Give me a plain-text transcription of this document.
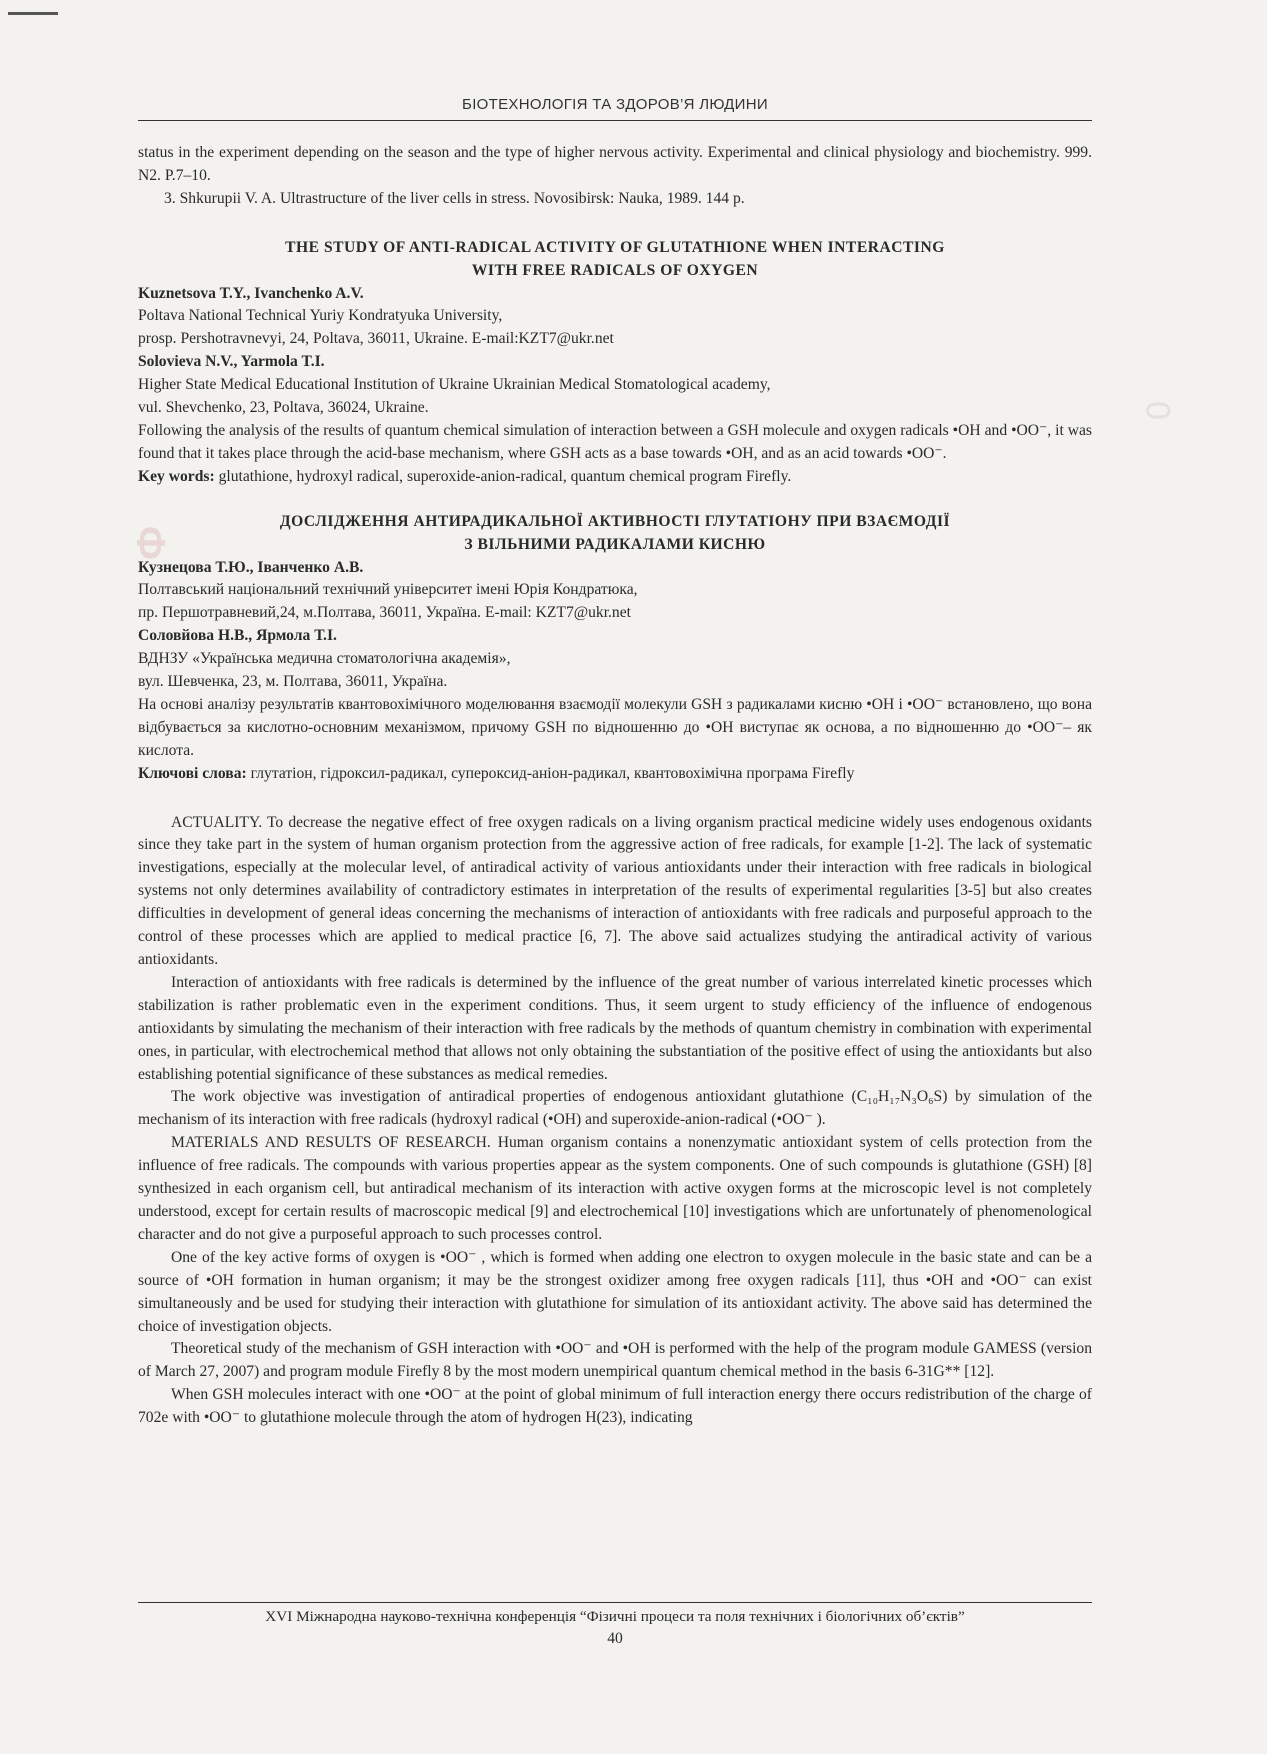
Ф
0
БІОТЕХНОЛОГІЯ ТА ЗДОРОВ’Я ЛЮДИНИ

status in the experiment depending on the season and the type of higher nervous activity. Experimental and clinical physiology and biochemistry. 999. N2. P.7–10.

3. Shkurupii V. A. Ultrastructure of the liver cells in stress. Novosibirsk: Nauka, 1989. 144 p.

THE STUDY OF ANTI-RADICAL ACTIVITY OF GLUTATHIONE WHEN INTERACTING

WITH FREE RADICALS OF OXYGEN

Kuznetsova T.Y., Ivanchenko A.V.

Poltava National Technical Yuriy Kondratyuka University,

prosp. Pershotravnevyi, 24, Poltava, 36011, Ukraine. E-mail:KZT7@ukr.net

Solovieva N.V., Yarmola T.I.

Higher State Medical Educational Institution of Ukraine Ukrainian Medical Stomatological academy,

vul. Shevchenko, 23, Poltava, 36024, Ukraine.

Following the analysis of the results of quantum chemical simulation of interaction between a GSH molecule and oxygen radicals •OH and •OO⁻, it was found that it takes place through the acid-base mechanism, where GSH acts as a base towards •OH, and as an acid towards •OO⁻.

Key words: glutathione, hydroxyl radical, superoxide-anion-radical, quantum chemical program Firefly.

ДОСЛІДЖЕННЯ АНТИРАДИКАЛЬНОЇ АКТИВНОСТІ ГЛУТАТІОНУ ПРИ ВЗАЄМОДІЇ

З ВІЛЬНИМИ РАДИКАЛАМИ КИСНЮ

Кузнецова Т.Ю., Іванченко А.В.

Полтавський національний технічний університет імені Юрія Кондратюка,

пр. Першотравневий,24, м.Полтава, 36011, Україна. E-mail: KZT7@ukr.net

Соловйова Н.В., Ярмола Т.І.

ВДНЗУ «Українська медична стоматологічна академія»,

вул. Шевченка, 23, м. Полтава, 36011, Україна.

На основі аналізу результатів квантовохімічного моделювання взаємодії молекули GSH з радикалами кисню •OH і •OO⁻ встановлено, що вона відбувається за кислотно-основним механізмом, причому GSH по відношенню до •OH виступає як основа, а по відношенню до •OO⁻– як кислота.

Ключові слова: глутатіон, гідроксил-радикал, супероксид-аніон-радикал, квантовохімічна програма Firefly

ACTUALITY. To decrease the negative effect of free oxygen radicals on a living organism practical medicine widely uses endogenous oxidants since they take part in the system of human organism protection from the aggressive action of free radicals, for example [1-2]. The lack of systematic investigations, especially at the molecular level, of antiradical activity of various antioxidants under their interaction with free radicals in biological systems not only determines availability of contradictory estimates in interpretation of the results of experimental regularities [3-5] but also creates difficulties in development of general ideas concerning the mechanisms of interaction of antioxidants with free radicals and purposeful approach to the control of these processes which are applied to medical practice [6, 7]. The above said actualizes studying the antiradical activity of various antioxidants.

Interaction of antioxidants with free radicals is determined by the influence of the great number of various interrelated kinetic processes which stabilization is rather problematic even in the experiment conditions. Thus, it seem urgent to study efficiency of the influence of endogenous antioxidants by simulating the mechanism of their interaction with free radicals by the methods of quantum chemistry in combination with experimental ones, in particular, with electrochemical method that allows not only obtaining the substantiation of the positive effect of using the antioxidants but also establishing potential significance of these substances as medical remedies.

The work objective was investigation of antiradical properties of endogenous antioxidant glutathione (C₁₀H₁₇N₃O₆S) by simulation of the mechanism of its interaction with free radicals (hydroxyl radical (•OH) and superoxide-anion-radical (•OO⁻ ).

MATERIALS AND RESULTS OF RESEARCH. Human organism contains a nonenzymatic antioxidant system of cells protection from the influence of free radicals. The compounds with various properties appear as the system components. One of such compounds is glutathione (GSH) [8] synthesized in each organism cell, but antiradical mechanism of its interaction with active oxygen forms at the microscopic level is not completely understood, except for certain results of macroscopic medical [9] and electrochemical [10] investigations which are unfortunately of phenomenological character and do not give a purposeful approach to such processes control.

One of the key active forms of oxygen is •OO⁻ , which is formed when adding one electron to oxygen molecule in the basic state and can be a source of •OH formation in human organism; it may be the strongest oxidizer among free oxygen radicals [11], thus •OH and •OO⁻ can exist simultaneously and be used for studying their interaction with glutathione for simulation of its antioxidant activity. The above said has determined the choice of investigation objects.

Theoretical study of the mechanism of GSH interaction with •OO⁻ and •OH is performed with the help of the program module GAMESS (version of March 27, 2007) and program module Firefly 8 by the most modern unempirical quantum chemical method in the basis 6-31G** [12].

When GSH molecules interact with one •OO⁻ at the point of global minimum of full interaction energy there occurs redistribution of the charge of 702e with •OO⁻ to glutathione molecule through the atom of hydrogen H(23), indicating

XVI Міжнародна науково-технічна конференція “Фізичні процеси та поля технічних і біологічних об’єктів”
40
